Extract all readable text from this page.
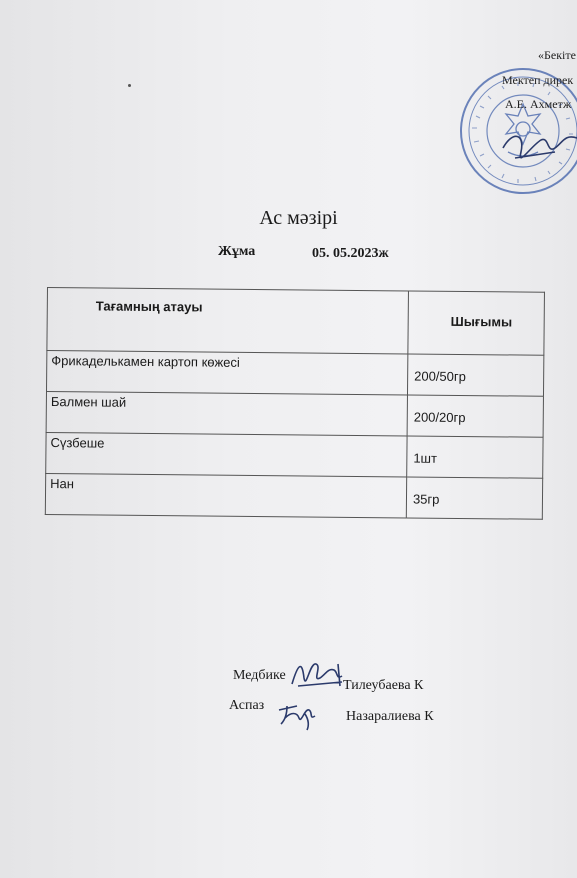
«Бекіте
Мектеп дирек
А.Е. Ахметж
Ас мәзірі
Жұма	05. 05.2023ж
Тағамның атауы	Шығымы

Фрикаделькамен картоп көжесі	200/50гр

Балмен шай	200/20гр

Сүзбеше	1шт

Нан	35гр
Медбике
Тилеубаева К
Аспаз
Назаралиева К
